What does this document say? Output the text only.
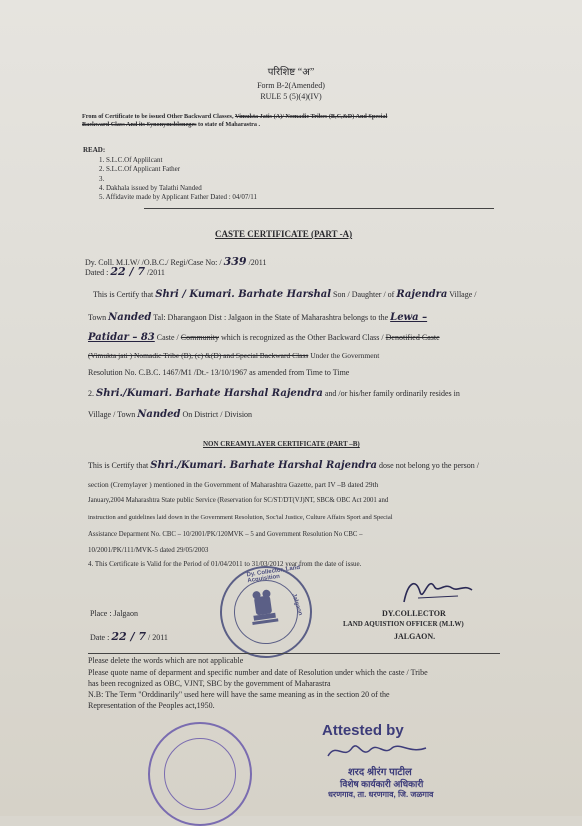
परिशिष्ट “अ”
Form B-2(Amended)
RULE 5 (5)(4)(IV)
From of Certificate to be issued Other Backward Classes, Vimukta Jatis (A)/ Nomadic Tribes (B,C,&D) And Special
Backward Class And its Synonymsbloneges to state of Maharastra .
READ:
1. S.L.C.Of Applilcant
2. S.L.C.Of Applicant Father
3.
4. Dakhala issued by Talathi Nanded
5. Affidavite made by Applicant Father Dated : 04/07/11
CASTE CERTIFICATE (PART -A)
Dy. Coll. M.I.W/ /O.B.C./ Regi/Case No: / 339 /2011
Dated : 22 / 7 /2011
This is Certify that Shri / Kumari. Barhate Harshal Son / Daughter / of Rajendra Village /
Town Nanded Tal: Dharangaon Dist : Jalgaon in the State of Maharashtra belongs to the Lewa –
Patidar – 83 Caste / Community which is recognized as the Other Backward Class / Denotified Caste
(Vimukta jati ) Nomadic Tribe (B), (c) &(D) and Special Backward Class Under the Government
Resolution No. C.B.C. 1467/M1 /Dt.- 13/10/1967 as amended from Time to Time
2. Shri./Kumari. Barhate Harshal Rajendra and /or his/her family ordinarily resides in
Village / Town Nanded On District / Division
NON CREAMYLAYER CERTIFICATE (PART –B)
This is Certify that Shri./Kumari. Barhate Harshal Rajendra dose not belong yo the person /
section (Cremylayer ) mentioned in the Government of Maharashtra Gazette, part IV –B dated 29th
January,2004 Maharashtra State public Service (Reservation for SC/ST/DT(VJ)NT, SBC& OBC Act 2001 and
instruction and guidelines laid down in the Government Resolution, Soc'ial Justice, Culture Affairs Sport and Special
Assistance Deparment No. CBC – 10/2001/PK/120MVK – 5 and Government Resolution No CBC –
10/2001/PK/111/MVK-5 dated 29/05/2003
4. This Certificate is Valid for the Period of 01/04/2011 to 31/03/2012 year from the date of issue.
Dy. Collector, Land Acquisition
Jalgaon
Place : Jalgaon
Date : 22 / 7 / 2011
DY.COLLECTOR
LAND AQUISTION OFFICER (M.I.W)
JALGAON.
Please delete the words which are not applicable
Please quote name of deparment and specific number and date of Resolution under which the caste / Tribe
has been recognized as OBC, VJNT, SBC by the government of Maharastra
N.B: The Term "Orddinarily" used here will have the same meaning as in the section 20 of the
Representation of the Peoples act,1950.
Attested by
शरद श्रीरंग पाटील
विशेष कार्यकारी अधिकारी
धरणगाव, ता. धरणगाव, जि. जळगाव
